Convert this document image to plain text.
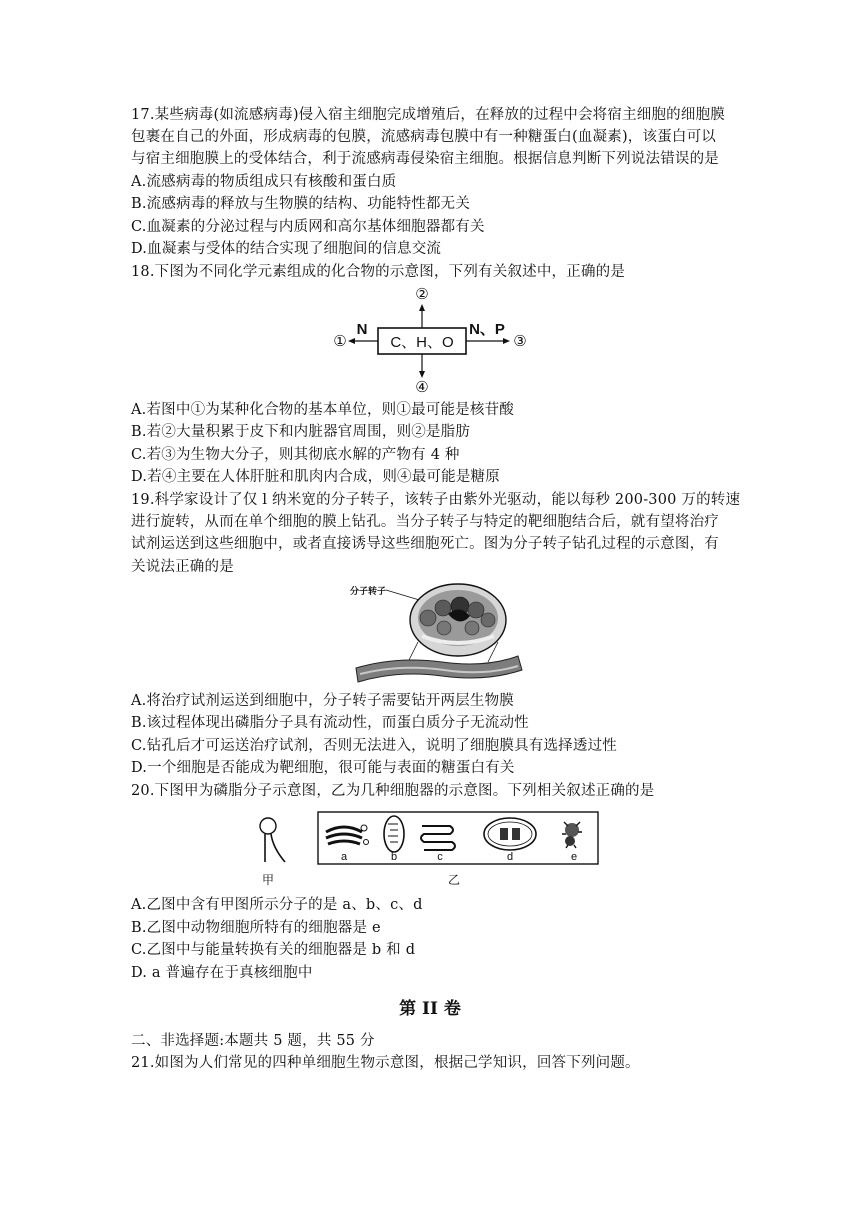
17.某些病毒(如流感病毒)侵入宿主细胞完成增殖后，在释放的过程中会将宿主细胞的细胞膜
包裹在自己的外面，形成病毒的包膜，流感病毒包膜中有一种糖蛋白(血凝素)，该蛋白可以
与宿主细胞膜上的受体结合，利于流感病毒侵染宿主细胞。根据信息判断下列说法错误的是
A.流感病毒的物质组成只有核酸和蛋白质
B.流感病毒的释放与生物膜的结构、功能特性都无关
C.血凝素的分泌过程与内质网和高尔基体细胞器都有关
D.血凝素与受体的结合实现了细胞间的信息交流
18.下图为不同化学元素组成的化合物的示意图，下列有关叙述中，正确的是
C、H、O
②
④
N
①
N、P
③
A.若图中①为某种化合物的基本单位，则①最可能是核苷酸
B.若②大量积累于皮下和内脏器官周围，则②是脂肪
C.若③为生物大分子，则其彻底水解的产物有 4 种
D.若④主要在人体肝脏和肌肉内合成，则④最可能是糖原
19.科学家设计了仅 l 纳米宽的分子转子，该转子由紫外光驱动，能以每秒 200-300 万的转速
进行旋转，从而在单个细胞的膜上钻孔。当分子转子与特定的靶细胞结合后，就有望将治疗
试剂运送到这些细胞中，或者直接诱导这些细胞死亡。图为分子转子钻孔过程的示意图，有
关说法正确的是
分子转子
A.将治疗试剂运送到细胞中，分子转子需要钻开两层生物膜
B.该过程体现出磷脂分子具有流动性，而蛋白质分子无流动性
C.钻孔后才可运送治疗试剂，否则无法进入，说明了细胞膜具有选择透过性
D.一个细胞是否能成为靶细胞，很可能与表面的糖蛋白有关
20.下图甲为磷脂分子示意图，乙为几种细胞器的示意图。下列相关叙述正确的是
甲
a	b	c	d	e
乙
A.乙图中含有甲图所示分子的是 a、b、c、d
B.乙图中动物细胞所特有的细胞器是 e
C.乙图中与能量转换有关的细胞器是 b 和 d
D. a 普遍存在于真核细胞中
第 II 卷
二、非选择题:本题共 5 题，共 55 分
21.如图为人们常见的四种单细胞生物示意图，根据己学知识，回答下列问题。
